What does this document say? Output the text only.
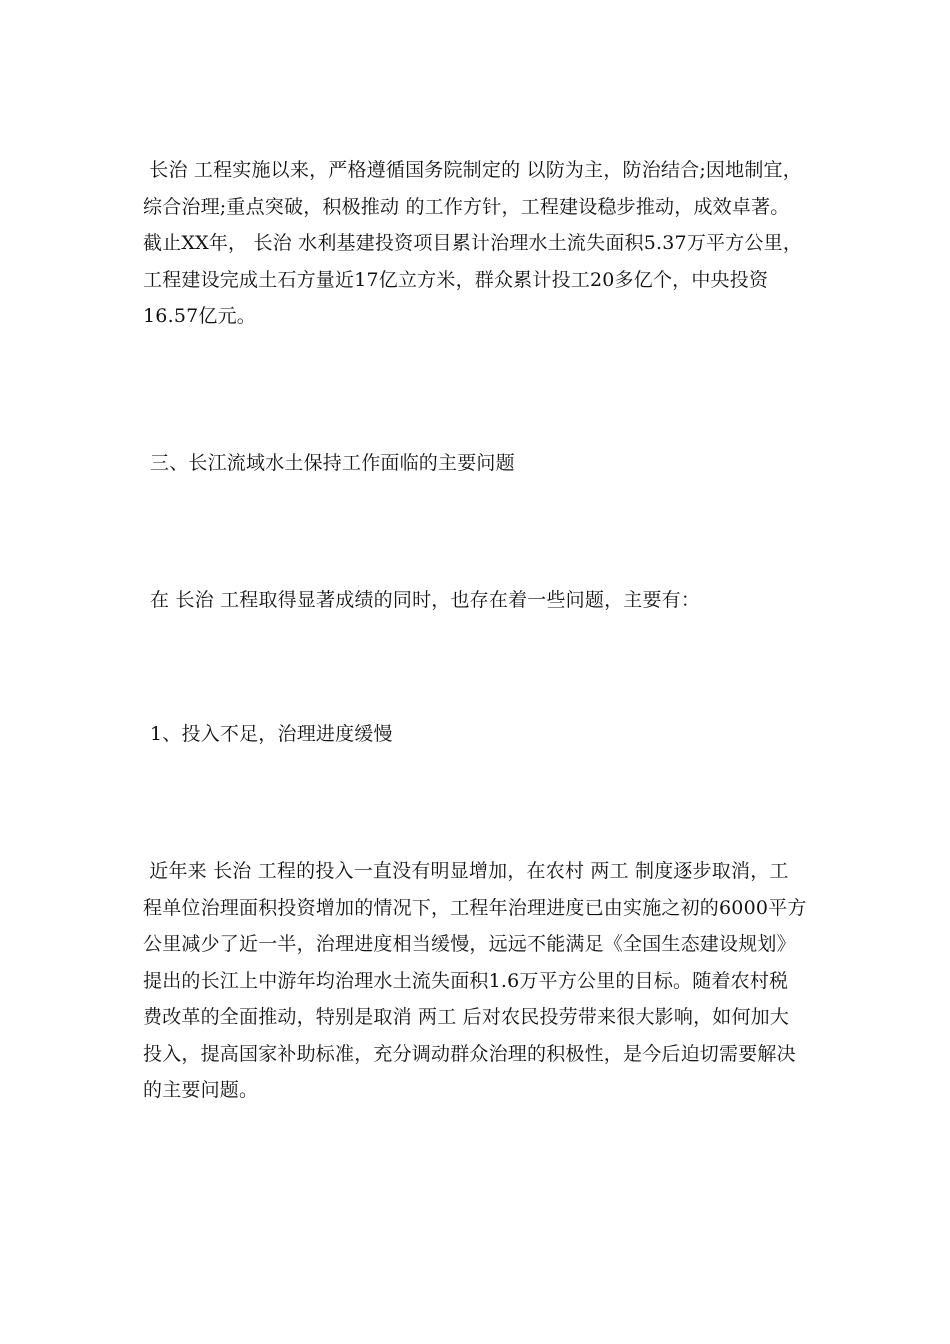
长治 工程实施以来，严格遵循国务院制定的 以防为主，防治结合;因地制宜，
综合治理;重点突破，积极推动 的工作方针，工程建设稳步推动，成效卓著。
截止XX年， 长治 水利基建投资项目累计治理水土流失面积5.37万平方公里，
工程建设完成土石方量近17亿立方米，群众累计投工20多亿个，中央投资
16.57亿元。
三、长江流域水土保持工作面临的主要问题
在 长治 工程取得显著成绩的同时，也存在着一些问题，主要有：
1、投入不足，治理进度缓慢
近年来 长治 工程的投入一直没有明显增加，在农村 两工 制度逐步取消，工
程单位治理面积投资增加的情况下，工程年治理进度已由实施之初的6000平方
公里减少了近一半，治理进度相当缓慢，远远不能满足《全国生态建设规划》
提出的长江上中游年均治理水土流失面积1.6万平方公里的目标。随着农村税
费改革的全面推动，特别是取消 两工 后对农民投劳带来很大影响，如何加大
投入，提高国家补助标准，充分调动群众治理的积极性，是今后迫切需要解决
的主要问题。
